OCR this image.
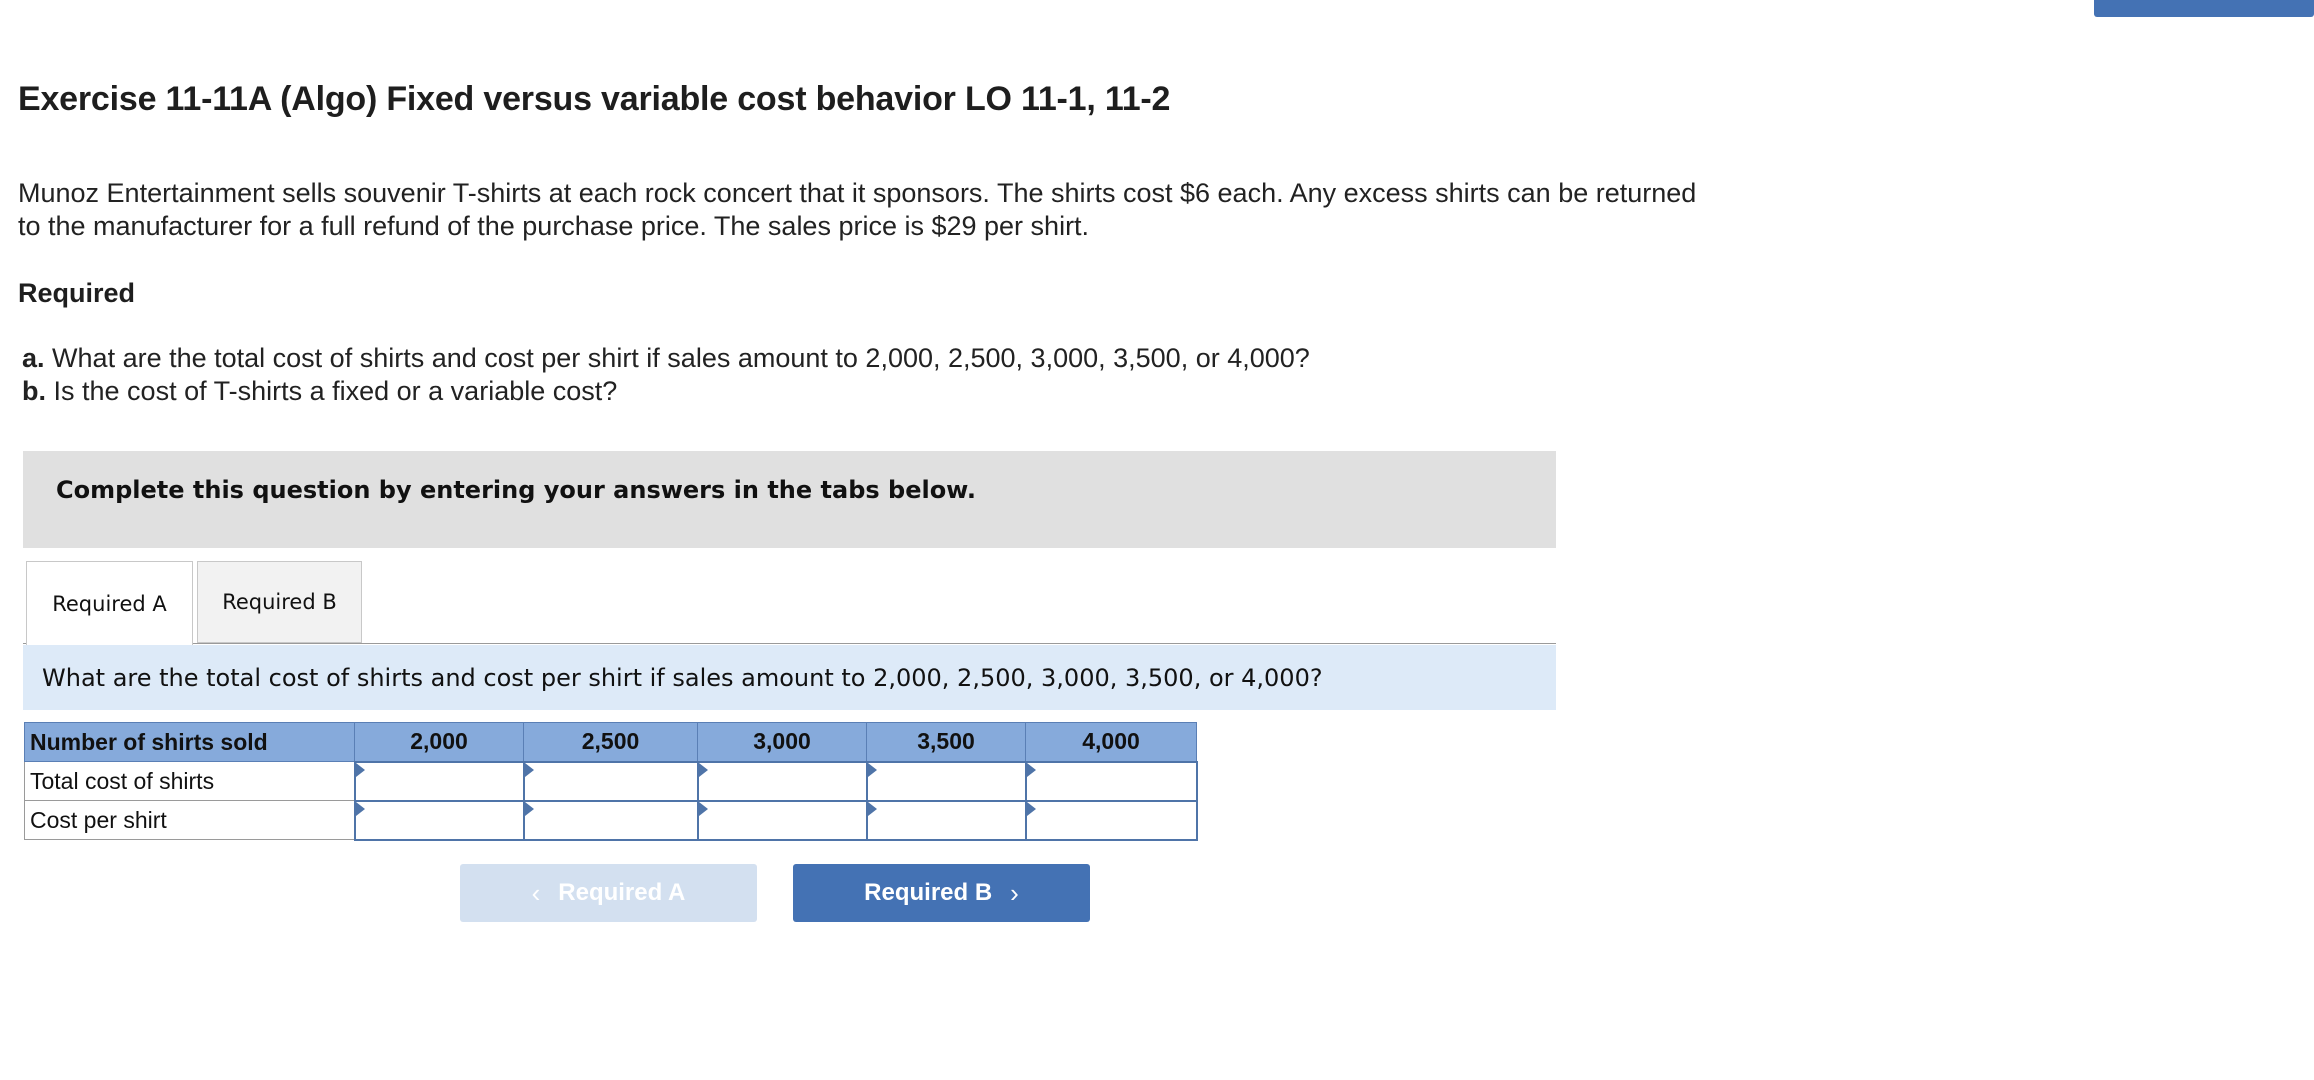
Exercise 11-11A (Algo) Fixed versus variable cost behavior LO 11-1, 11-2

Munoz Entertainment sells souvenir T-shirts at each rock concert that it sponsors. The shirts cost $6 each. Any excess shirts can be returned to the manufacturer for a full refund of the purchase price. The sales price is $29 per shirt.

Required
a. What are the total cost of shirts and cost per shirt if sales amount to 2,000, 2,500, 3,000, 3,500, or 4,000?
b. Is the cost of T-shirts a fixed or a variable cost?

Complete this question by entering your answers in the tabs below.

Required A	Required B

What are the total cost of shirts and cost per shirt if sales amount to 2,000, 2,500, 3,000, 3,500, or 4,000?

Number of shirts sold	2,000	2,500	3,000	3,500	4,000
Total cost of shirts	

Cost per shirt	

‹ Required A	Required B ›
